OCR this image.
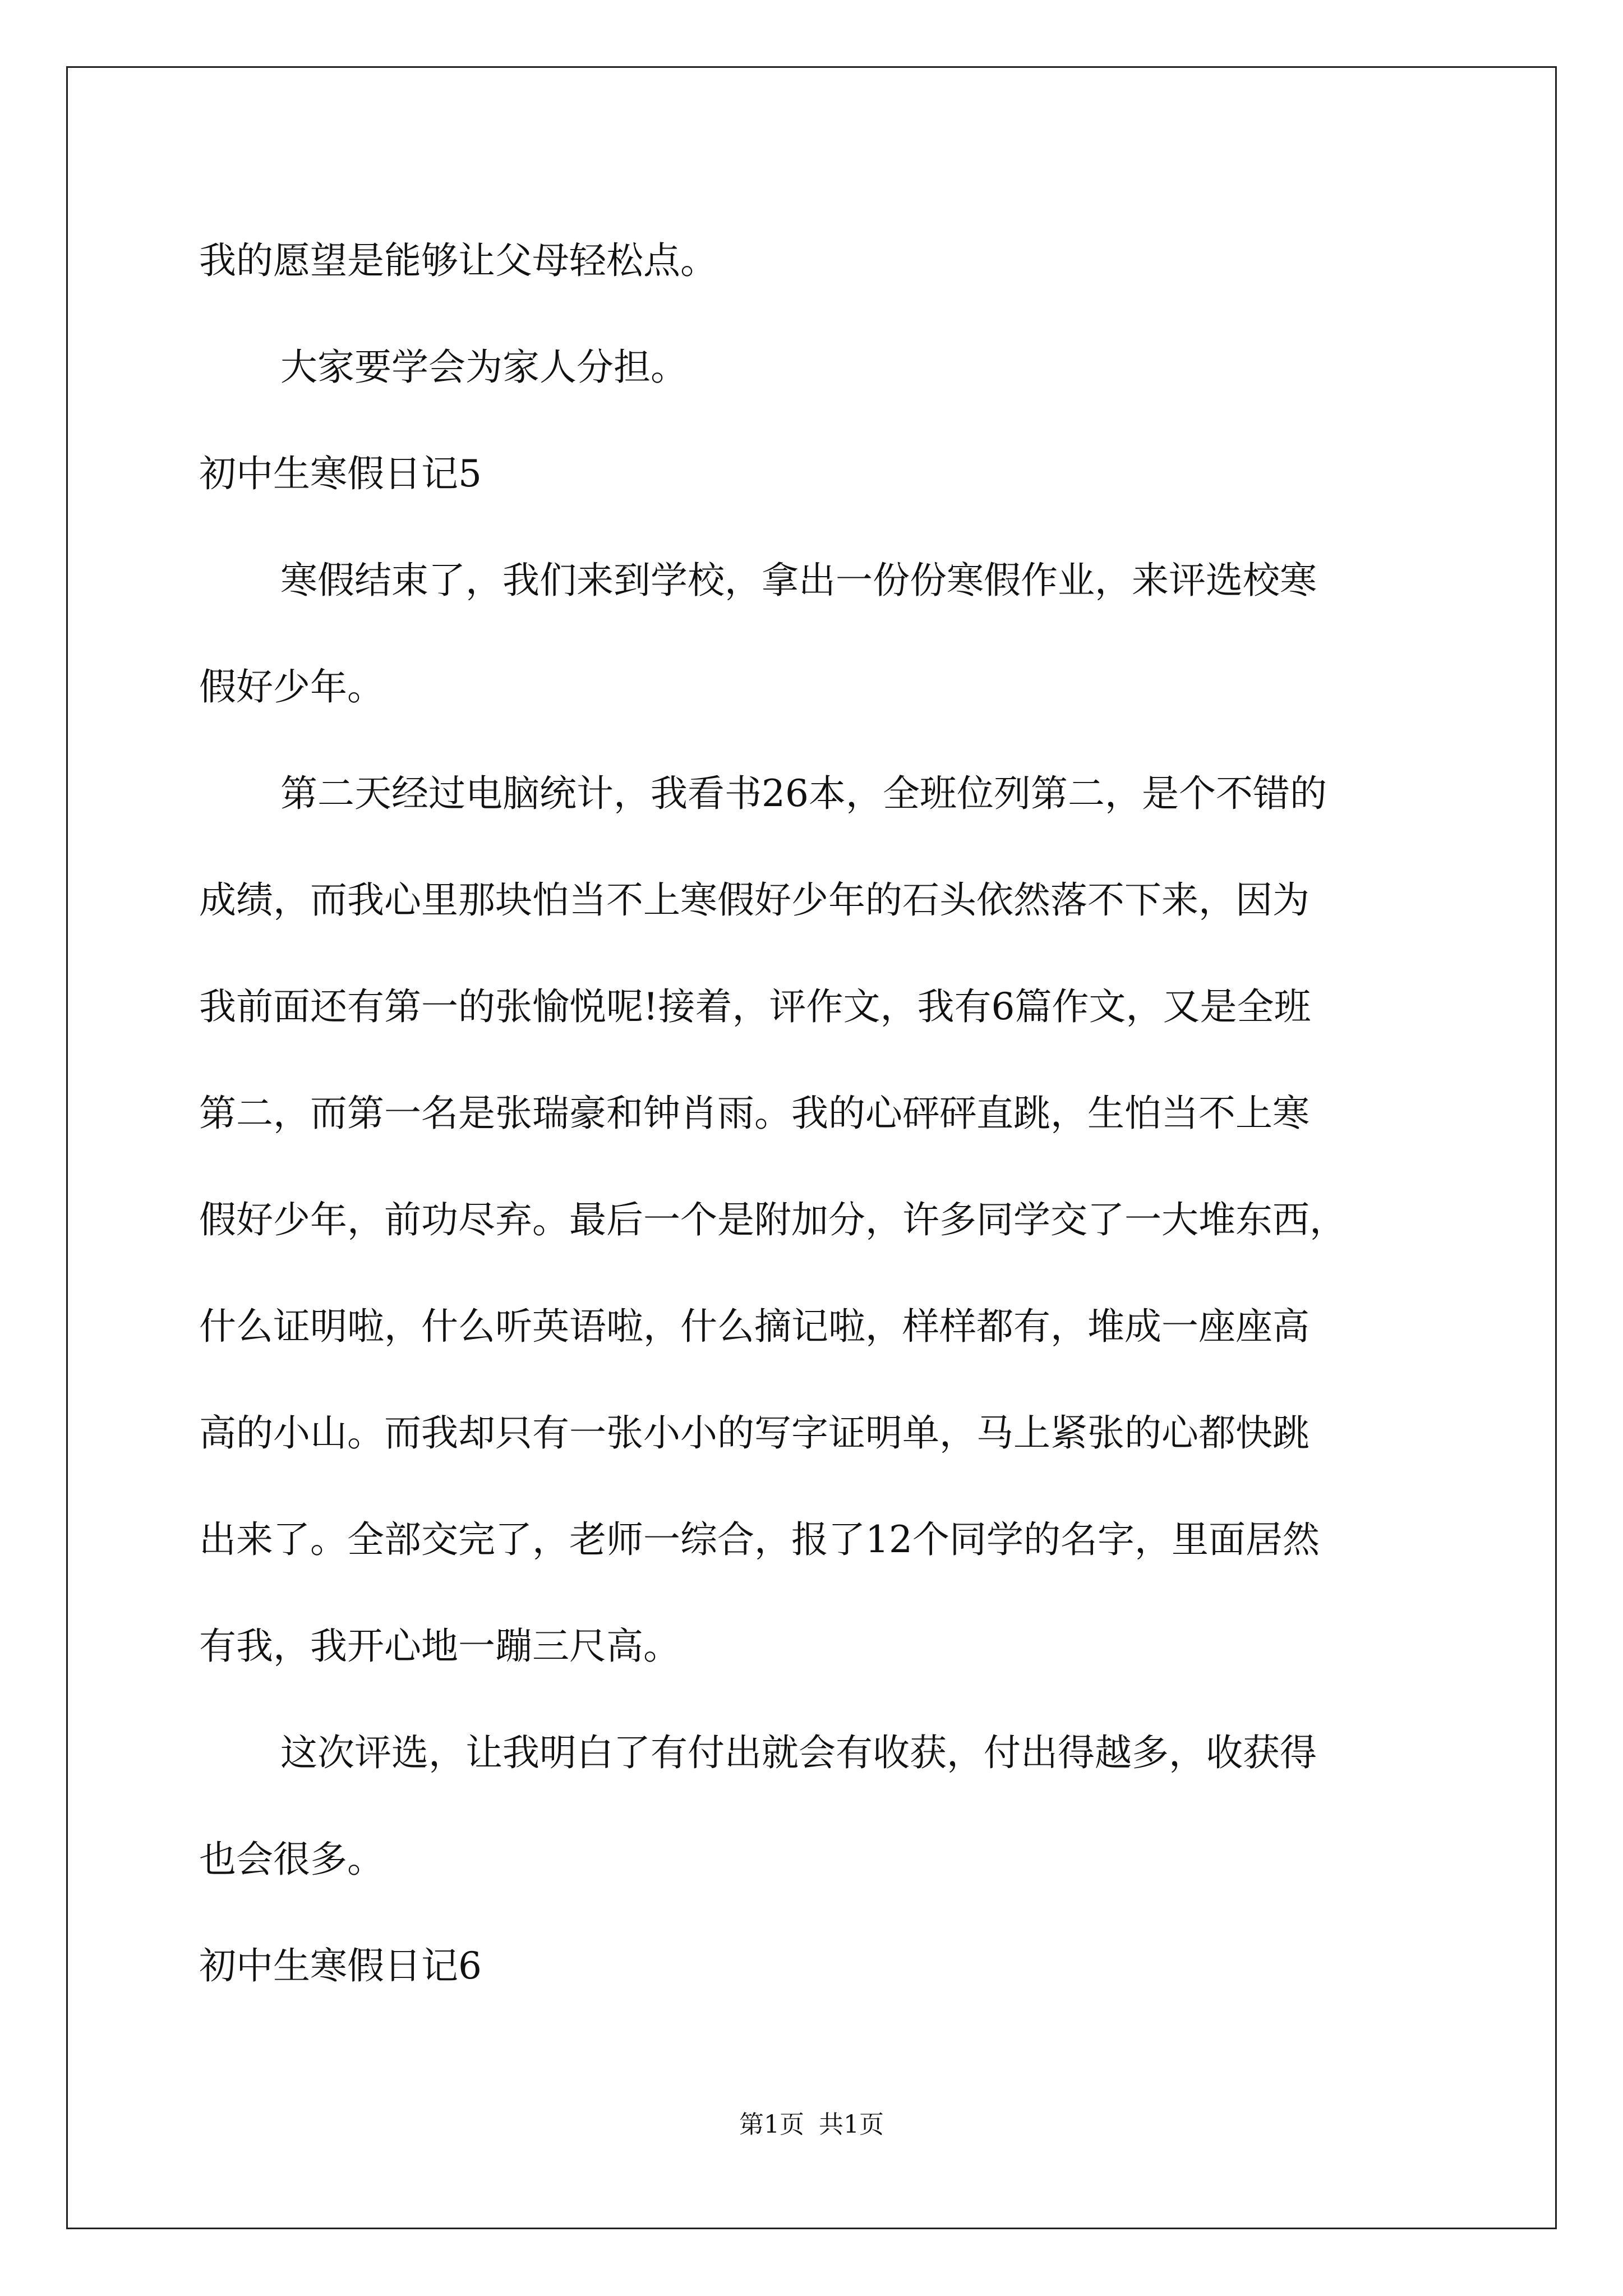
我的愿望是能够让父母轻松点。
大家要学会为家人分担。
初中生寒假日记5
寒假结束了，我们来到学校，拿出一份份寒假作业，来评选校寒
假好少年。
第二天经过电脑统计，我看书26本，全班位列第二，是个不错的
成绩，而我心里那块怕当不上寒假好少年的石头依然落不下来，因为
我前面还有第一的张愉悦呢!接着，评作文，我有6篇作文，又是全班
第二，而第一名是张瑞豪和钟肖雨。我的心砰砰直跳，生怕当不上寒
假好少年，前功尽弃。最后一个是附加分，许多同学交了一大堆东西，
什么证明啦，什么听英语啦，什么摘记啦，样样都有，堆成一座座高
高的小山。而我却只有一张小小的写字证明单，马上紧张的心都快跳
出来了。全部交完了，老师一综合，报了12个同学的名字，里面居然
有我，我开心地一蹦三尺高。
这次评选，让我明白了有付出就会有收获，付出得越多，收获得
也会很多。
初中生寒假日记6
第1页 共1页
